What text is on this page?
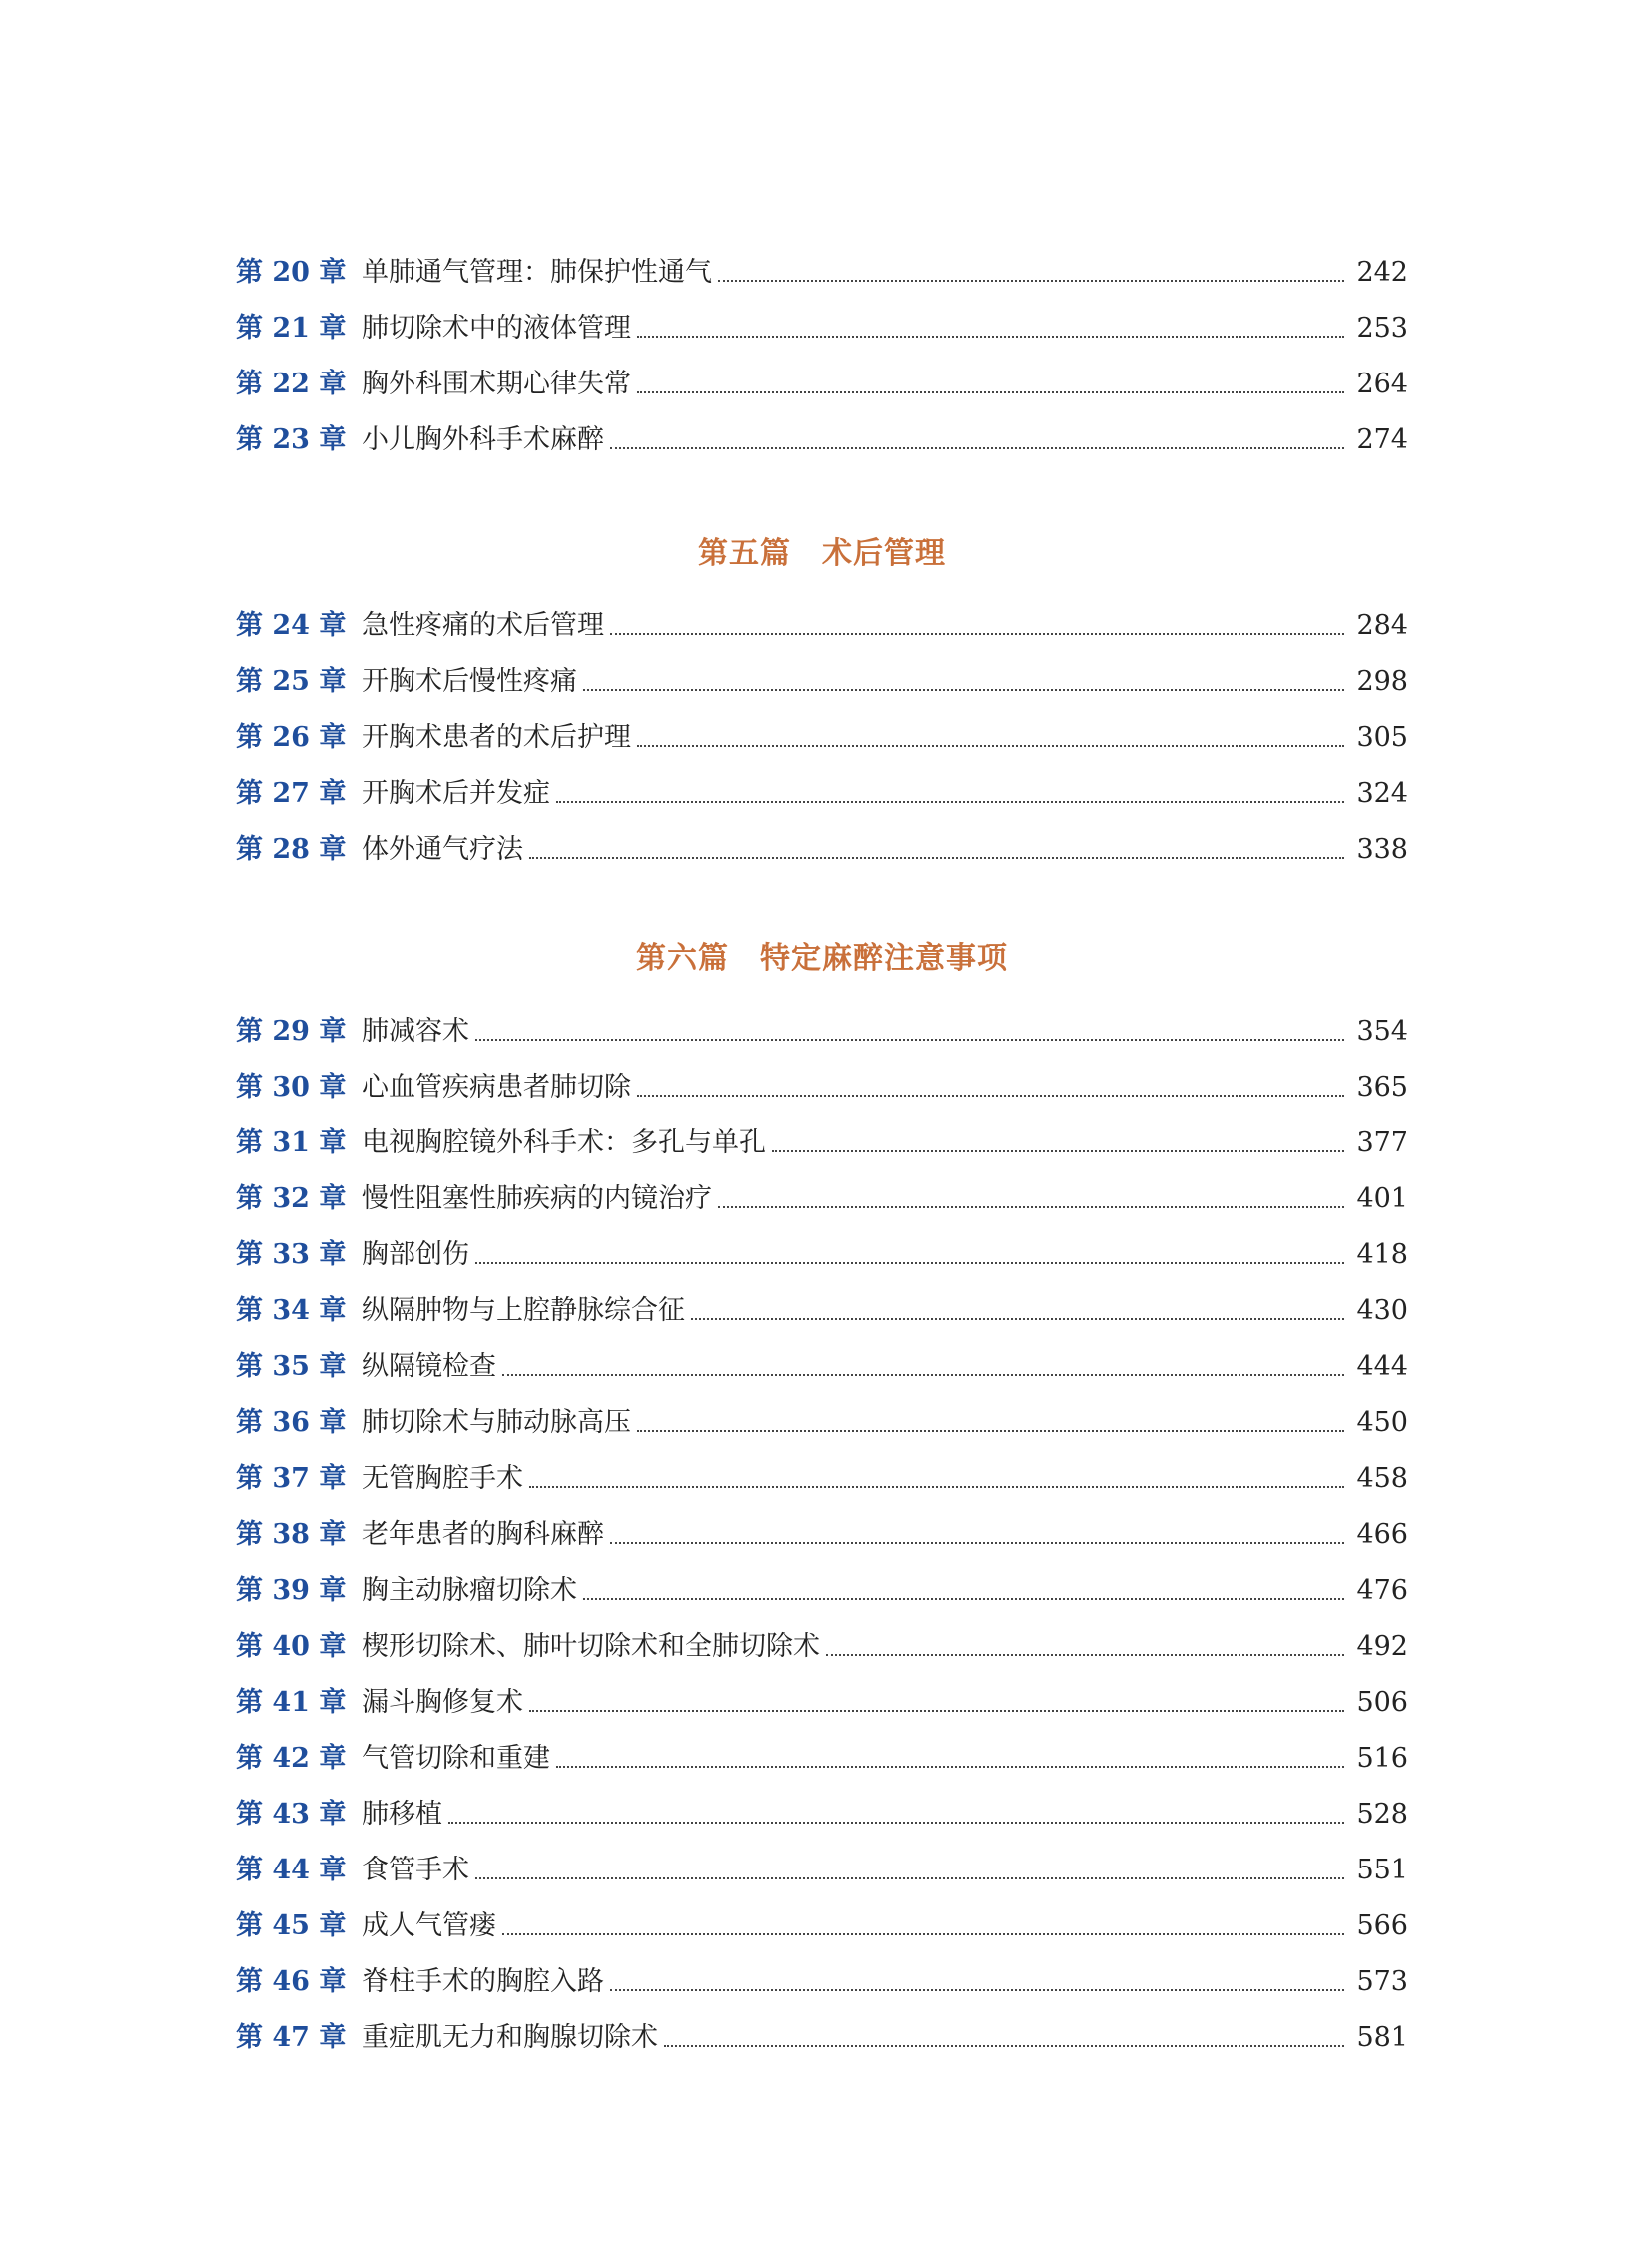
第 20 章 单肺通气管理：肺保护性通气	242
第 21 章 肺切除术中的液体管理	253
第 22 章 胸外科围术期心律失常	264
第 23 章 小儿胸外科手术麻醉	274
第五篇　术后管理
第 24 章 急性疼痛的术后管理	284
第 25 章 开胸术后慢性疼痛	298
第 26 章 开胸术患者的术后护理	305
第 27 章 开胸术后并发症	324
第 28 章 体外通气疗法	338
第六篇　特定麻醉注意事项
第 29 章 肺减容术	354
第 30 章 心血管疾病患者肺切除	365
第 31 章 电视胸腔镜外科手术：多孔与单孔	377
第 32 章 慢性阻塞性肺疾病的内镜治疗	401
第 33 章 胸部创伤	418
第 34 章 纵隔肿物与上腔静脉综合征	430
第 35 章 纵隔镜检查	444
第 36 章 肺切除术与肺动脉高压	450
第 37 章 无管胸腔手术	458
第 38 章 老年患者的胸科麻醉	466
第 39 章 胸主动脉瘤切除术	476
第 40 章 楔形切除术、肺叶切除术和全肺切除术	492
第 41 章 漏斗胸修复术	506
第 42 章 气管切除和重建	516
第 43 章 肺移植	528
第 44 章 食管手术	551
第 45 章 成人气管瘘	566
第 46 章 脊柱手术的胸腔入路	573
第 47 章 重症肌无力和胸腺切除术	581
